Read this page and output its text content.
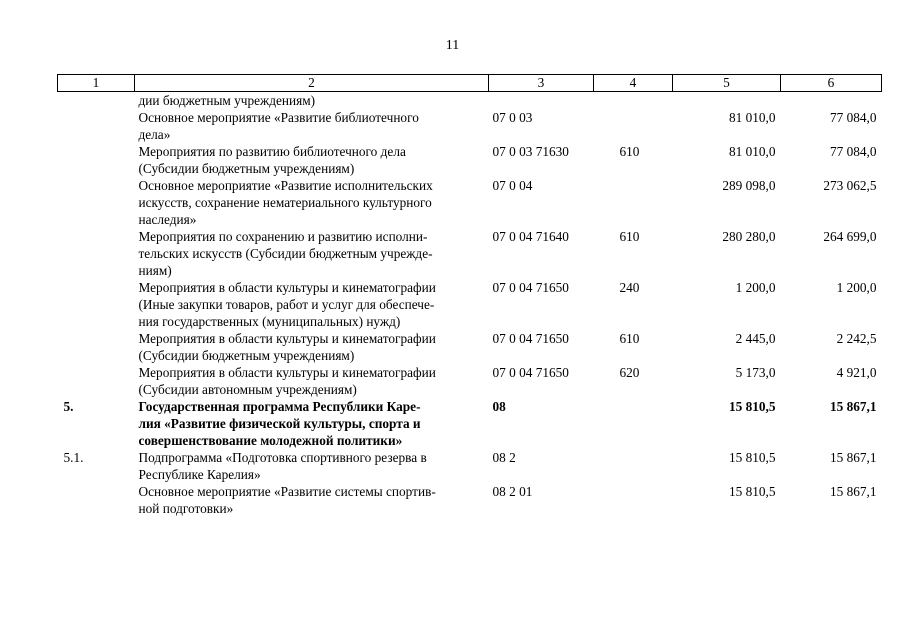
11
1	2	3	4	5	6
	дии бюджетным учреждениям)				
	Основное мероприятие «Развитие библиотечного
дела»	07 0 03		81 010,0	77 084,0
	Мероприятия по развитию библиотечного дела
(Субсидии бюджетным учреждениям)	07 0 03 71630	610	81 010,0	77 084,0
	Основное мероприятие «Развитие исполнительских
искусств, сохранение нематериального культурного
наследия»	07 0 04		289 098,0	273 062,5
	Мероприятия по сохранению и развитию исполни-
тельских искусств (Субсидии бюджетным учрежде-
ниям)	07 0 04 71640	610	280 280,0	264 699,0
	Мероприятия в области культуры и кинематографии
(Иные закупки товаров, работ и услуг для обеспече-
ния государственных (муниципальных) нужд)	07 0 04 71650	240	1 200,0	1 200,0
	Мероприятия в области культуры и кинематографии
(Субсидии бюджетным учреждениям)	07 0 04 71650	610	2 445,0	2 242,5
	Мероприятия в области культуры и кинематографии
(Субсидии автономным учреждениям)	07 0 04 71650	620	5 173,0	4 921,0
5.	Государственная программа Республики Каре-
лия «Развитие физической культуры, спорта и
совершенствование молодежной политики»	08		15 810,5	15 867,1
5.1.	Подпрограмма «Подготовка спортивного резерва в
Республике Карелия»	08 2		15 810,5	15 867,1
	Основное мероприятие «Развитие системы спортив-
ной подготовки»	08 2 01		15 810,5	15 867,1
